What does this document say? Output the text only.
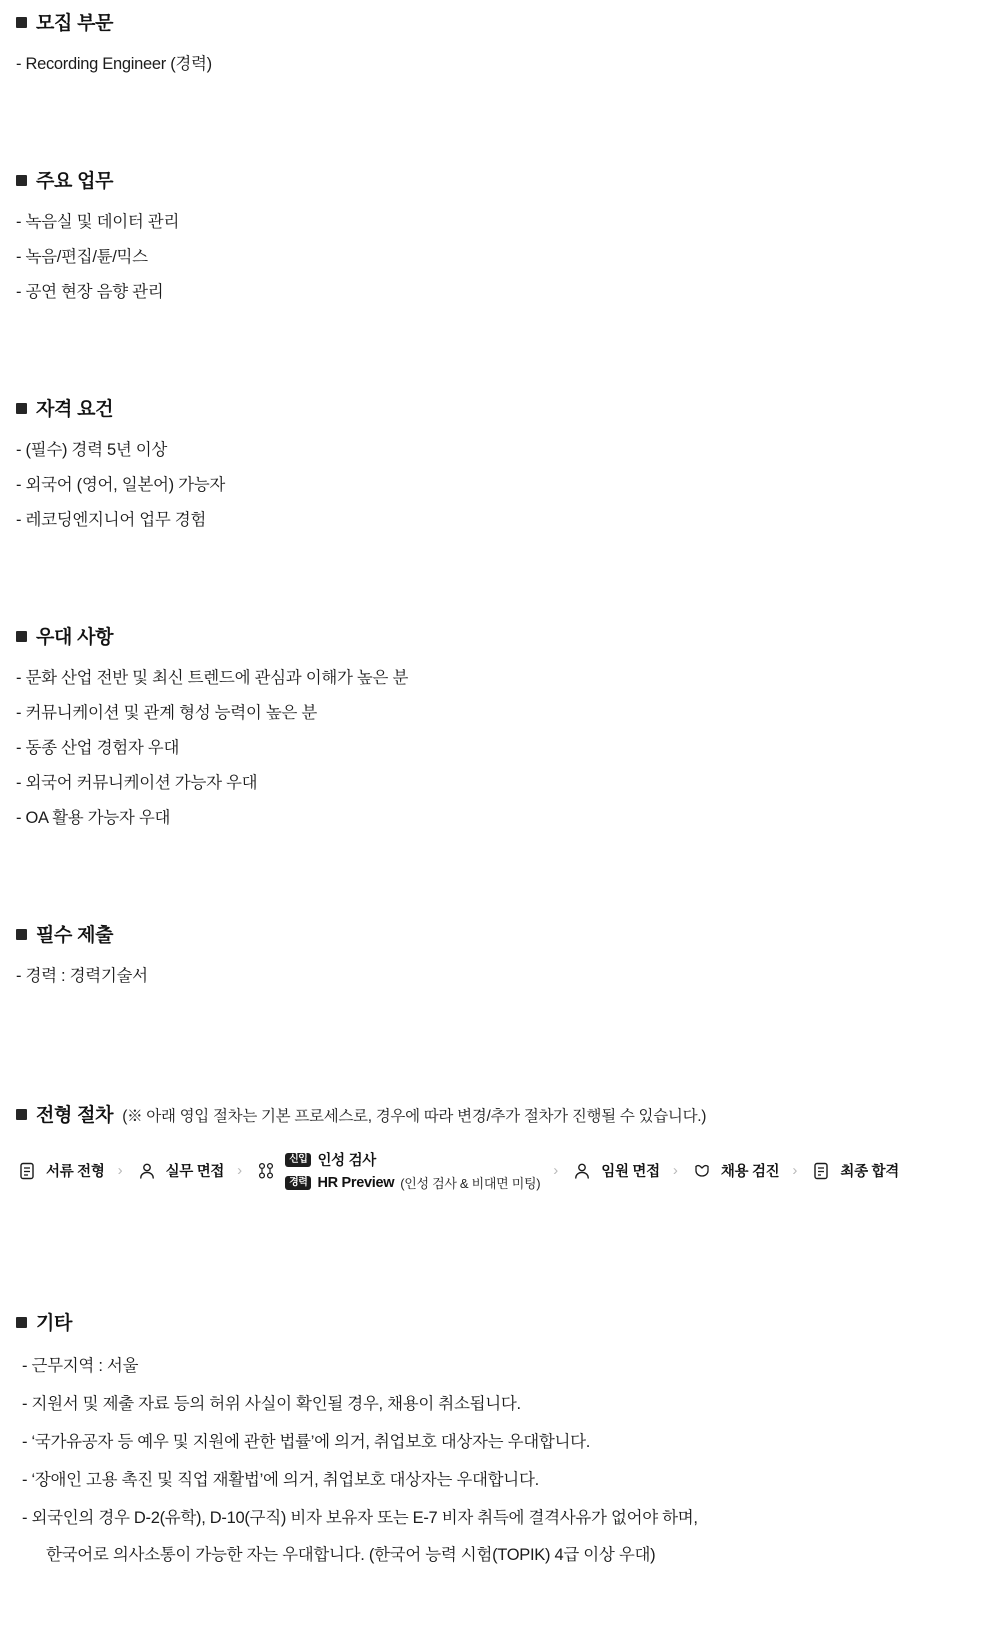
모집 부문
- Recording Engineer (경력)
주요 업무
- 녹음실 및 데이터 관리
- 녹음/편집/튠/믹스
- 공연 현장 음향 관리
자격 요건
- (필수) 경력 5년 이상
- 외국어 (영어, 일본어) 가능자
- 레코딩엔지니어 업무 경험
우대 사항
- 문화 산업 전반 및 최신 트렌드에 관심과 이해가 높은 분
- 커뮤니케이션 및 관계 형성 능력이 높은 분
- 동종 산업 경험자 우대
- 외국어 커뮤니케이션 가능자 우대
- OA 활용 가능자 우대
필수 제출
- 경력 : 경력기술서
전형 절차 (※ 아래 영입 절차는 기본 프로세스로, 경우에 따라 변경/추가 절차가 진행될 수 있습니다.)
서류 전형 ›	실무 면접 ›
신입 인성 검사
경력 HR Preview (인성 검사 & 비대면 미팅)
›	임원 면접 ›	채용 검진 ›	최종 합격
기타
- 근무지역 : 서울
- 지원서 및 제출 자료 등의 허위 사실이 확인될 경우, 채용이 취소됩니다.
- ‘국가유공자 등 예우 및 지원에 관한 법률’에 의거, 취업보호 대상자는 우대합니다.
- ‘장애인 고용 촉진 및 직업 재활법’에 의거, 취업보호 대상자는 우대합니다.
- 외국인의 경우 D-2(유학), D-10(구직) 비자 보유자 또는 E-7 비자 취득에 결격사유가 없어야 하며,
한국어로 의사소통이 가능한 자는 우대합니다. (한국어 능력 시험(TOPIK) 4급 이상 우대)
